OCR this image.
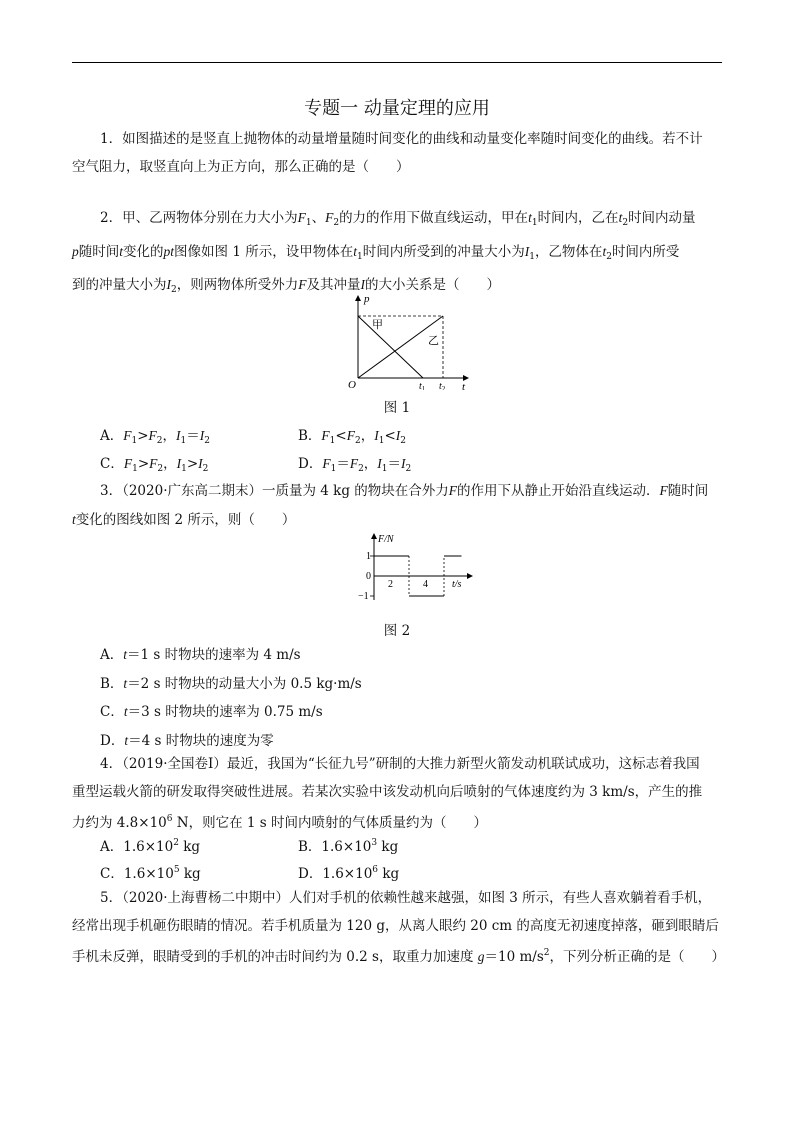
专题一 动量定理的应用
1．如图描述的是竖直上抛物体的动量增量随时间变化的曲线和动量变化率随时间变化的曲线。若不计
空气阻力，取竖直向上为正方向，那么正确的是（　　）
2．甲、乙两物体分别在力大小为$F_1$、$F_2$的力的作用下做直线运动，甲在$t_1$时间内，乙在$t_2$时间内动量
p随时间t变化的pt图像如图 1 所示，设甲物体在$t_1$时间内所受到的冲量大小为$I_1$，乙物体在$t_2$时间内所受
到的冲量大小为$I_2$，则两物体所受外力F及其冲量I的大小关系是（　　）
p
t
O
甲
乙
$t_1$ $t_2$
图 1
A．$F_1>F_2$，$I_1=I_2$	B．$F_1<F_2$，$I_1<I_2$
C．$F_1>F_2$，$I_1>I_2$	D．$F_1=F_2$，$I_1=I_2$
3．（2020·广东高二期末）一质量为 4 kg 的物块在合外力F的作用下从静止开始沿直线运动．F随时间
t变化的图线如图 2 所示，则（　　）
F/N
t/s
1
0
−1
2	4
图 2
A．t＝1 s 时物块的速率为 4 m/s
B．t＝2 s 时物块的动量大小为 0.5 kg·m/s
C．t＝3 s 时物块的速率为 0.75 m/s
D．t＝4 s 时物块的速度为零
4．（2019·全国卷Ⅰ）最近，我国为“长征九号”研制的大推力新型火箭发动机联试成功，这标志着我国
重型运载火箭的研发取得突破性进展。若某次实验中该发动机向后喷射的气体速度约为 3 km/s，产生的推
力约为 $4.8\times 10^6$ N，则它在 1 s 时间内喷射的气体质量约为（　　）
A．$1.6\times 10^2$ kg	B．$1.6\times 10^3$ kg
C．$1.6\times 10^5$ kg	D．$1.6\times 10^6$ kg
5．（2020·上海曹杨二中期中）人们对手机的依赖性越来越强，如图 3 所示，有些人喜欢躺着看手机，
经常出现手机砸伤眼睛的情况。若手机质量为 120 g，从离人眼约 20 cm 的高度无初速度掉落，砸到眼睛后
手机未反弹，眼睛受到的手机的冲击时间约为 0.2 s，取重力加速度 g＝10 $m/s^2$，下列分析正确的是（　　）
